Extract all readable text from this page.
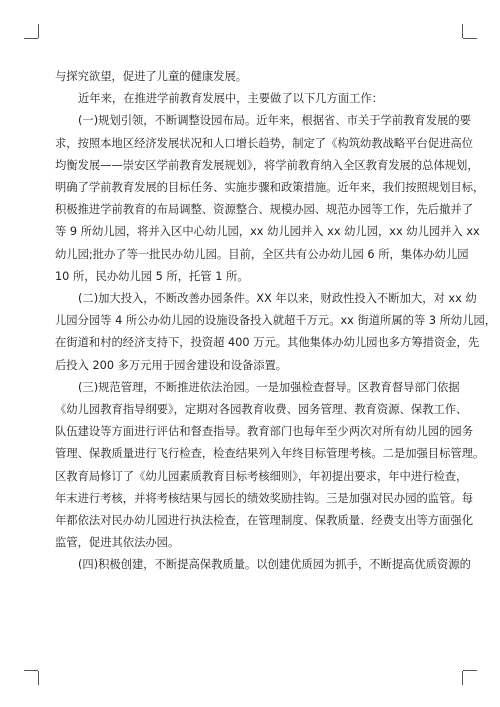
与探究欲望，促进了儿童的健康发展。
近年来，在推进学前教育发展中，主要做了以下几方面工作：
(一)规划引领，不断调整设园布局。近年来，根据省、市关于学前教育发展的要
求，按照本地区经济发展状况和人口增长趋势，制定了《构筑幼教战略平台促进高位
均衡发展——崇安区学前教育发展规划》，将学前教育纳入全区教育发展的总体规划，
明确了学前教育发展的目标任务、实施步骤和政策措施。近年来，我们按照规划目标，
积极推进学前教育的布局调整、资源整合、规模办园、规范办园等工作，先后撤并了
等 9 所幼儿园，将并入区中心幼儿园，xx 幼儿园并入 xx 幼儿园，xx 幼儿园并入 xx
幼儿园;批办了等一批民办幼儿园。目前，全区共有公办幼儿园 6 所，集体办幼儿园
10 所，民办幼儿园 5 所，托管 1 所。
(二)加大投入，不断改善办园条件。XX 年以来，财政性投入不断加大，对 xx 幼
儿园分园等 4 所公办幼儿园的设施设备投入就超千万元。xx 街道所属的等 3 所幼儿园，
在街道和村的经济支持下，投资超 400 万元。其他集体办幼儿园也多方筹措资金，先
后投入 200 多万元用于园舍建设和设备添置。
(三)规范管理，不断推进依法治园。一是加强检查督导。区教育督导部门依据
《幼儿园教育指导纲要》，定期对各园教育收费、园务管理、教育资源、保教工作、
队伍建设等方面进行评估和督查指导。教育部门也每年至少两次对所有幼儿园的园务
管理、保教质量进行飞行检查，检查结果列入年终目标管理考核。二是加强目标管理。
区教育局修订了《幼儿园素质教育目标考核细则》，年初提出要求，年中进行检查，
年末进行考核，并将考核结果与园长的绩效奖励挂钩。三是加强对民办园的监管。每
年都依法对民办幼儿园进行执法检查，在管理制度、保教质量、经费支出等方面强化
监管，促进其依法办园。
(四)积极创建，不断提高保教质量。以创建优质园为抓手，不断提高优质资源的
